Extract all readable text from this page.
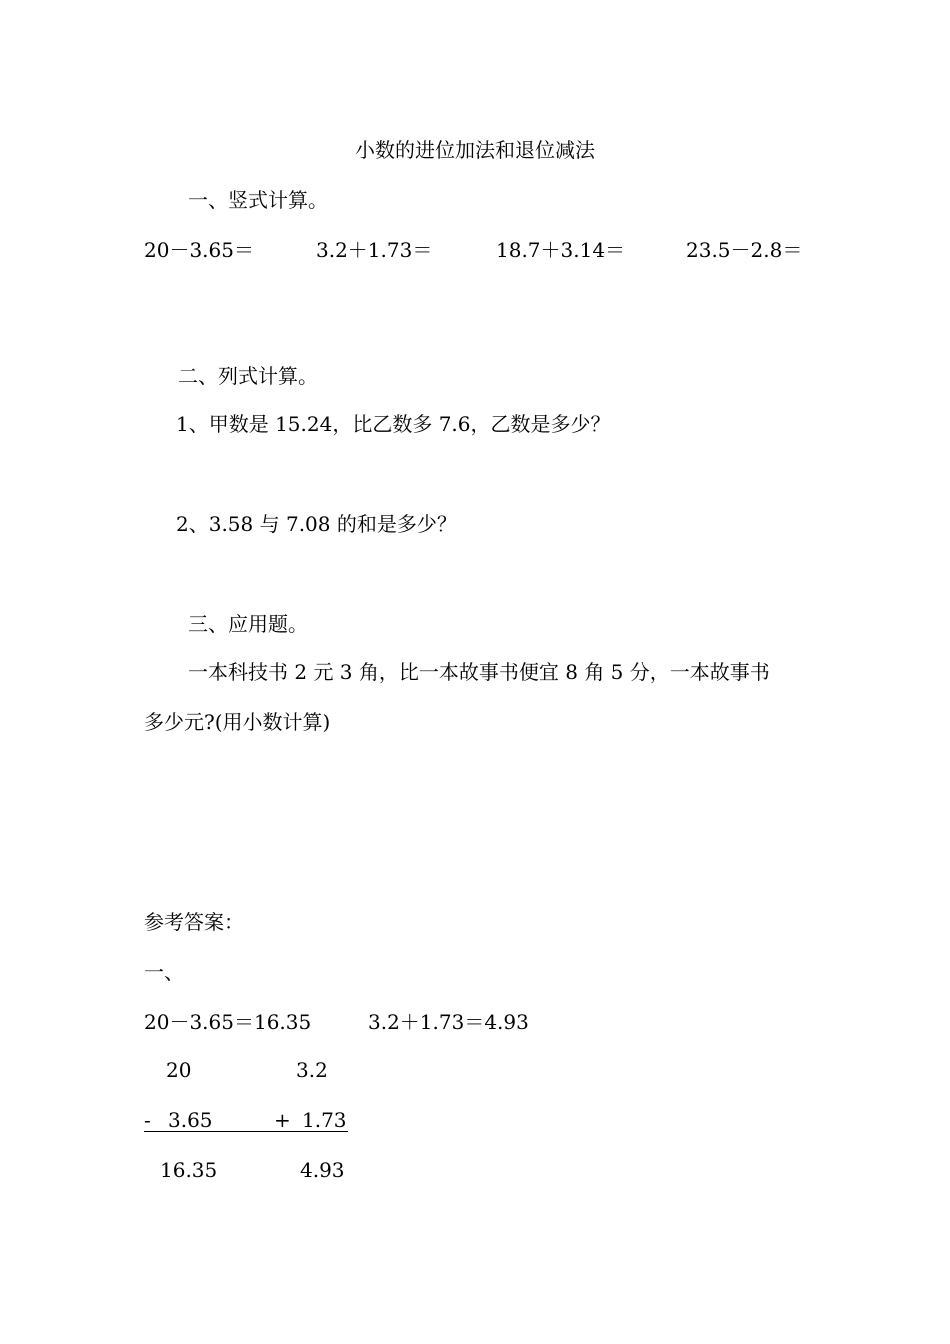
小数的进位加法和退位减法
一、竖式计算。
20－3.65＝	3.2＋1.73＝	18.7＋3.14＝	23.5－2.8＝
二、列式计算。
1、甲数是 15.24，比乙数多 7.6，乙数是多少？
2、3.58 与 7.08 的和是多少？
三、应用题。
一本科技书 2 元 3 角，比一本故事书便宜 8 角 5 分，一本故事书
多少元?(用小数计算)
参考答案：
一、
20－3.65＝16.35	3.2＋1.73＝4.93
20	3.2
- 3.65	+ 1.73
16.35	4.93
